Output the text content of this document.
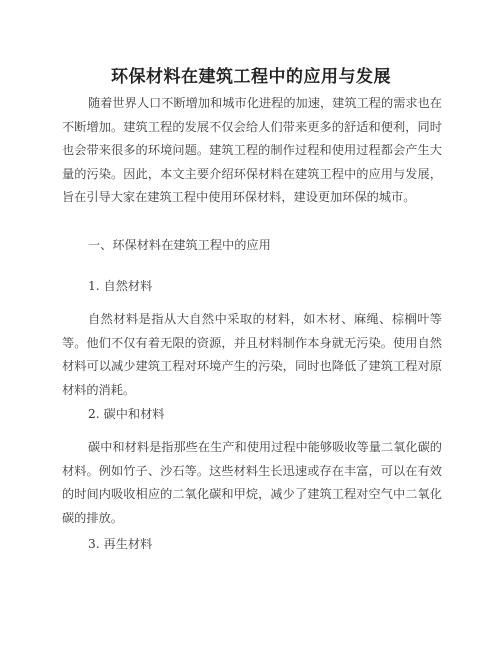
环保材料在建筑工程中的应用与发展

随着世界人口不断增加和城市化进程的加速，建筑工程的需求也在不断增加。建筑工程的发展不仅会给人们带来更多的舒适和便利，同时也会带来很多的环境问题。建筑工程的制作过程和使用过程都会产生大量的污染。因此，本文主要介绍环保材料在建筑工程中的应用与发展，旨在引导大家在建筑工程中使用环保材料，建设更加环保的城市。

一、环保材料在建筑工程中的应用
1. 自然材料

自然材料是指从大自然中采取的材料，如木材、麻绳、棕榈叶等等。他们不仅有着无限的资源，并且材料制作本身就无污染。使用自然材料可以减少建筑工程对环境产生的污染，同时也降低了建筑工程对原材料的消耗。

2. 碳中和材料

碳中和材料是指那些在生产和使用过程中能够吸收等量二氧化碳的材料。例如竹子、沙石等。这些材料生长迅速或存在丰富，可以在有效的时间内吸收相应的二氧化碳和甲烷，减少了建筑工程对空气中二氧化碳的排放。

3. 再生材料
